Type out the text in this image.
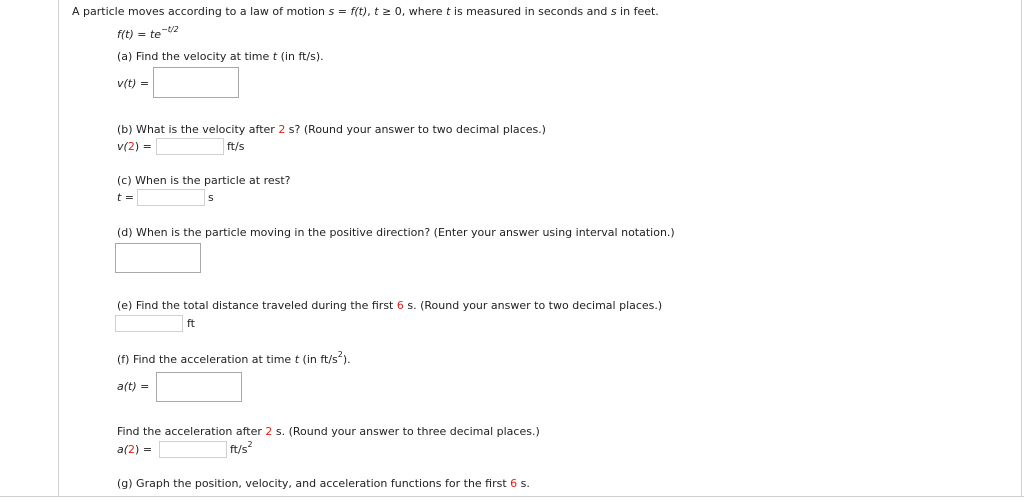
A particle moves according to a law of motion s = f(t), t ≥ 0, where t is measured in seconds and s in feet.
$f(t) = te^{-t/2}$
(a) Find the velocity at time t (in ft/s).
v(t) =
(b) What is the velocity after 2 s? (Round your answer to two decimal places.)
v(2) =	ft/s
(c) When is the particle at rest?
t =	s
(d) When is the particle moving in the positive direction? (Enter your answer using interval notation.)
(e) Find the total distance traveled during the first 6 s. (Round your answer to two decimal places.)
ft
(f) Find the acceleration at time t (in $ft/s^2$).
a(t) =
Find the acceleration after 2 s. (Round your answer to three decimal places.)
a(2) =	$ft/s^2$
(g) Graph the position, velocity, and acceleration functions for the first 6 s.
